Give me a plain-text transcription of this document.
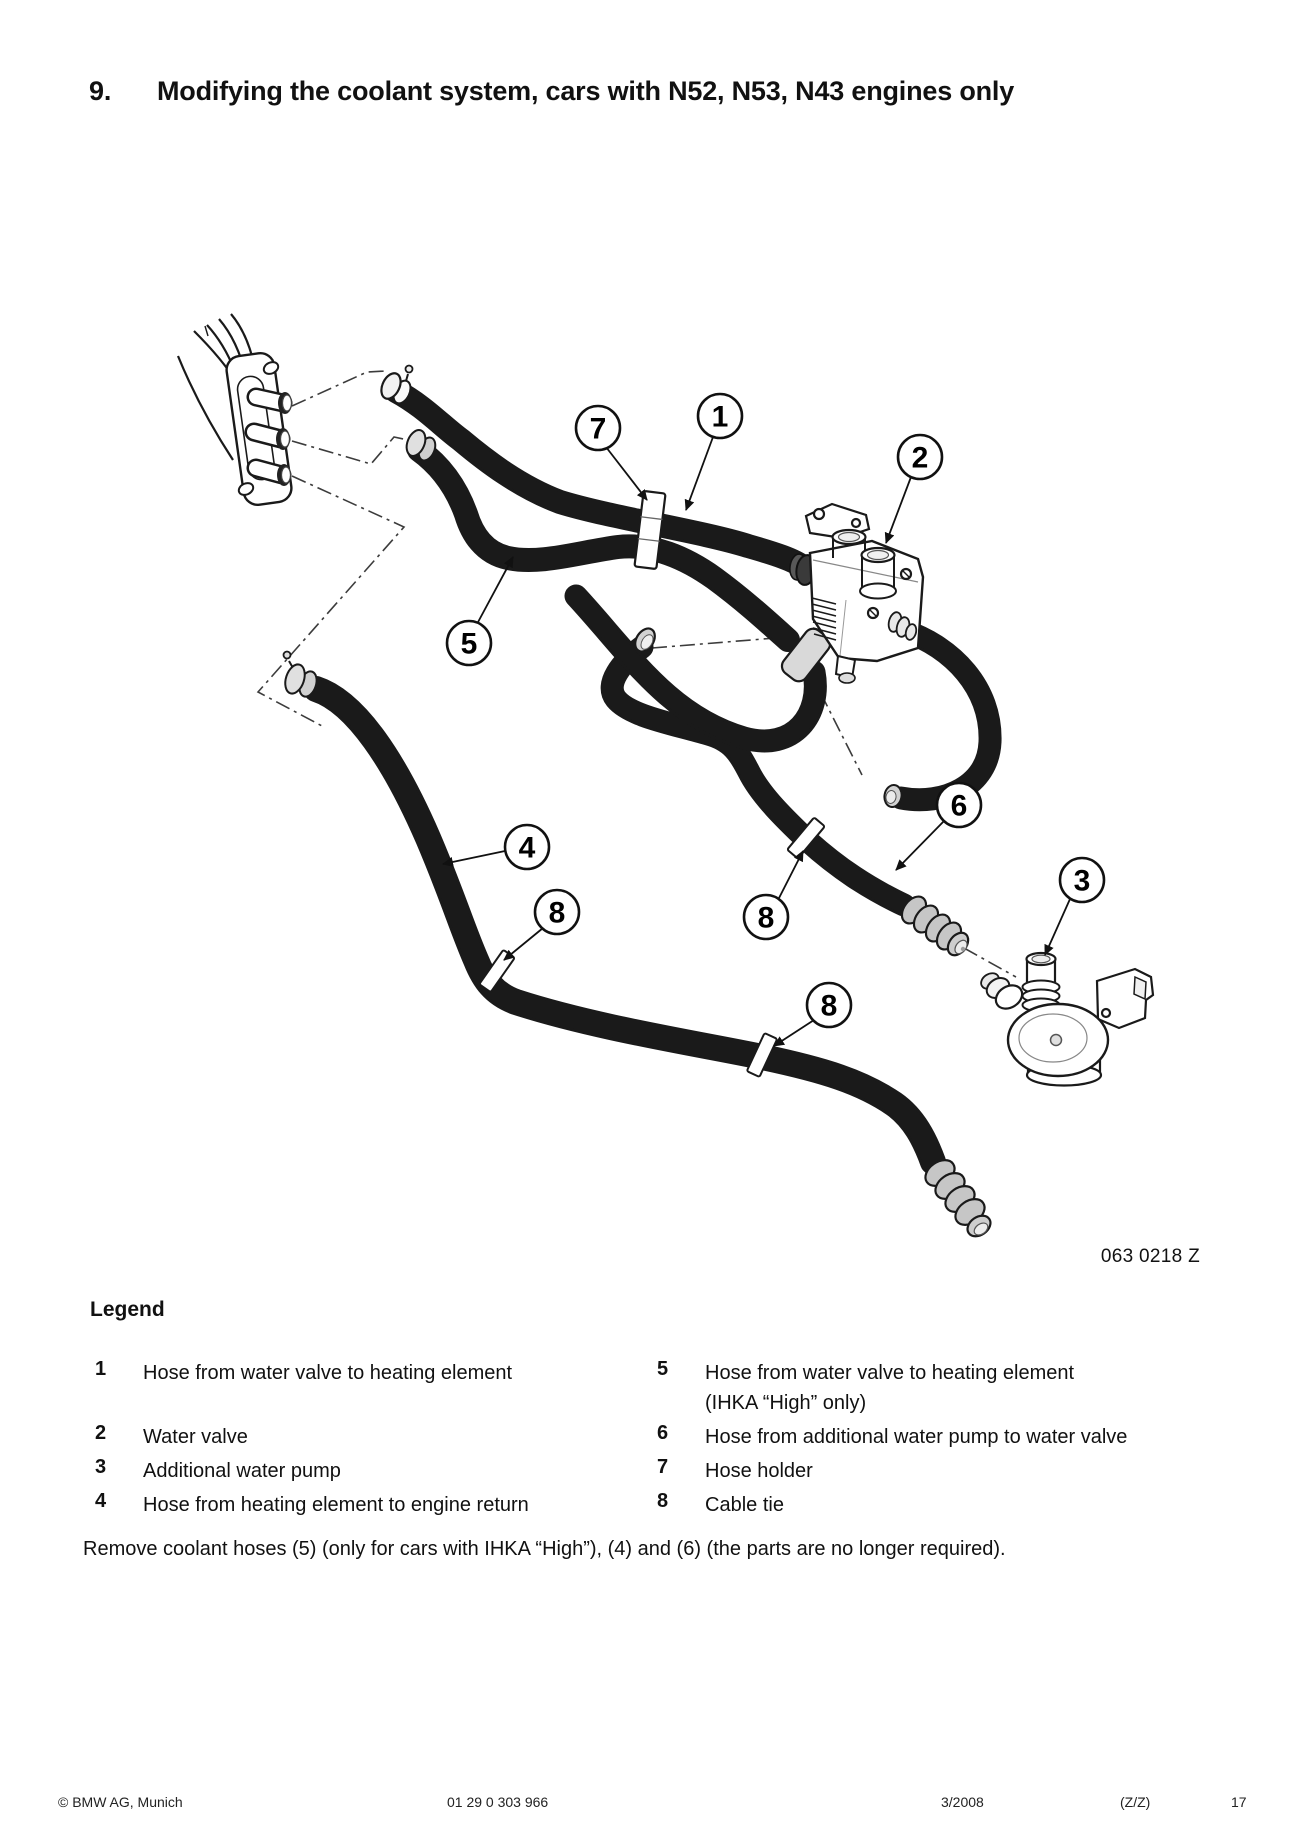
9. Modifying the coolant system, cars with N52, N53, N43 engines only
7	1
2
5
4
6
3
8	8
8
063 0218 Z
Legend
1 Hose from water valve to heating element
2 Water valve
3 Additional water pump
4 Hose from heating element to engine return
5 Hose from water valve to heating element
(IHKA “High” only)
6 Hose from additional water pump to water valve
7 Hose holder
8 Cable tie
Remove coolant hoses (5) (only for cars with IHKA “High”), (4) and (6) (the parts are no longer required).
© BMW AG, Munich	01 29 0 303 966	3/2008	(Z/Z)	17
